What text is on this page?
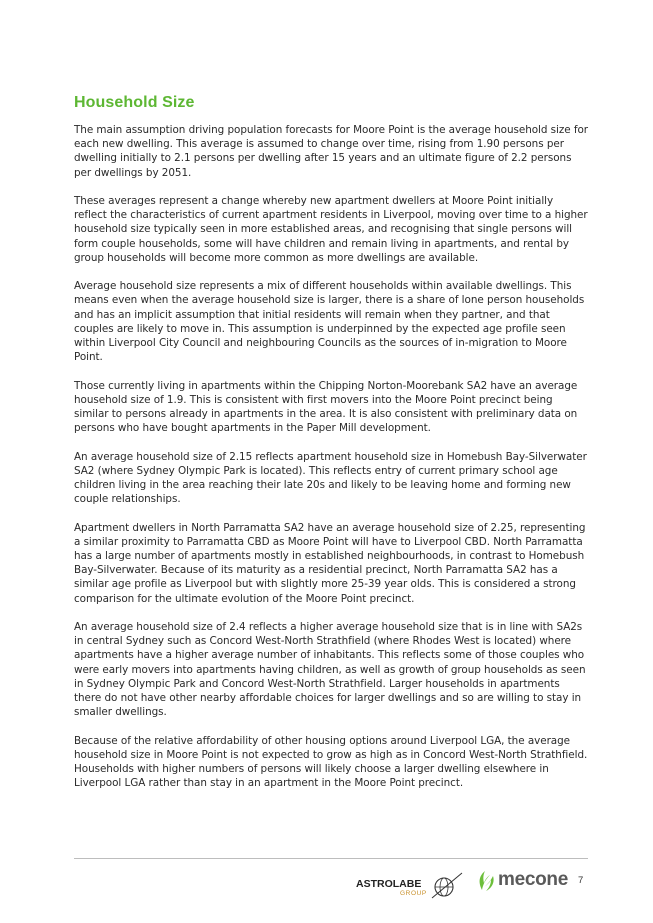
Household Size

The main assumption driving population forecasts for Moore Point is the average household size for each new dwelling. This average is assumed to change over time, rising from 1.90 persons per dwelling initially to 2.1 persons per dwelling after 15 years and an ultimate figure of 2.2 persons per dwellings by 2051.

These averages represent a change whereby new apartment dwellers at Moore Point initially reflect the characteristics of current apartment residents in Liverpool, moving over time to a higher household size typically seen in more established areas, and recognising that single persons will form couple households, some will have children and remain living in apartments, and rental by group households will become more common as more dwellings are available.

Average household size represents a mix of different households within available dwellings. This means even when the average household size is larger, there is a share of lone person households and has an implicit assumption that initial residents will remain when they partner, and that couples are likely to move in. This assumption is underpinned by the expected age profile seen within Liverpool City Council and neighbouring Councils as the sources of in-migration to Moore Point.

Those currently living in apartments within the Chipping Norton-Moorebank SA2 have an average household size of 1.9. This is consistent with first movers into the Moore Point precinct being similar to persons already in apartments in the area. It is also consistent with preliminary data on persons who have bought apartments in the Paper Mill development.

An average household size of 2.15 reflects apartment household size in Homebush Bay-Silverwater SA2 (where Sydney Olympic Park is located). This reflects entry of current primary school age children living in the area reaching their late 20s and likely to be leaving home and forming new couple relationships.

Apartment dwellers in North Parramatta SA2 have an average household size of 2.25, representing a similar proximity to Parramatta CBD as Moore Point will have to Liverpool CBD. North Parramatta has a large number of apartments mostly in established neighbourhoods, in contrast to Homebush Bay-Silverwater. Because of its maturity as a residential precinct, North Parramatta SA2 has a similar age profile as Liverpool but with slightly more 25-39 year olds. This is considered a strong comparison for the ultimate evolution of the Moore Point precinct.

An average household size of 2.4 reflects a higher average household size that is in line with SA2s in central Sydney such as Concord West-North Strathfield (where Rhodes West is located) where apartments have a higher average number of inhabitants. This reflects some of those couples who were early movers into apartments having children, as well as growth of group households as seen in Sydney Olympic Park and Concord West-North Strathfield. Larger households in apartments there do not have other nearby affordable choices for larger dwellings and so are willing to stay in smaller dwellings.

Because of the relative affordability of other housing options around Liverpool LGA, the average household size in Moore Point is not expected to grow as high as in Concord West-North Strathfield. Households with higher numbers of persons will likely choose a larger dwelling elsewhere in Liverpool LGA rather than stay in an apartment in the Moore Point precinct.

ASTROLABE
GROUP
mecone 7
